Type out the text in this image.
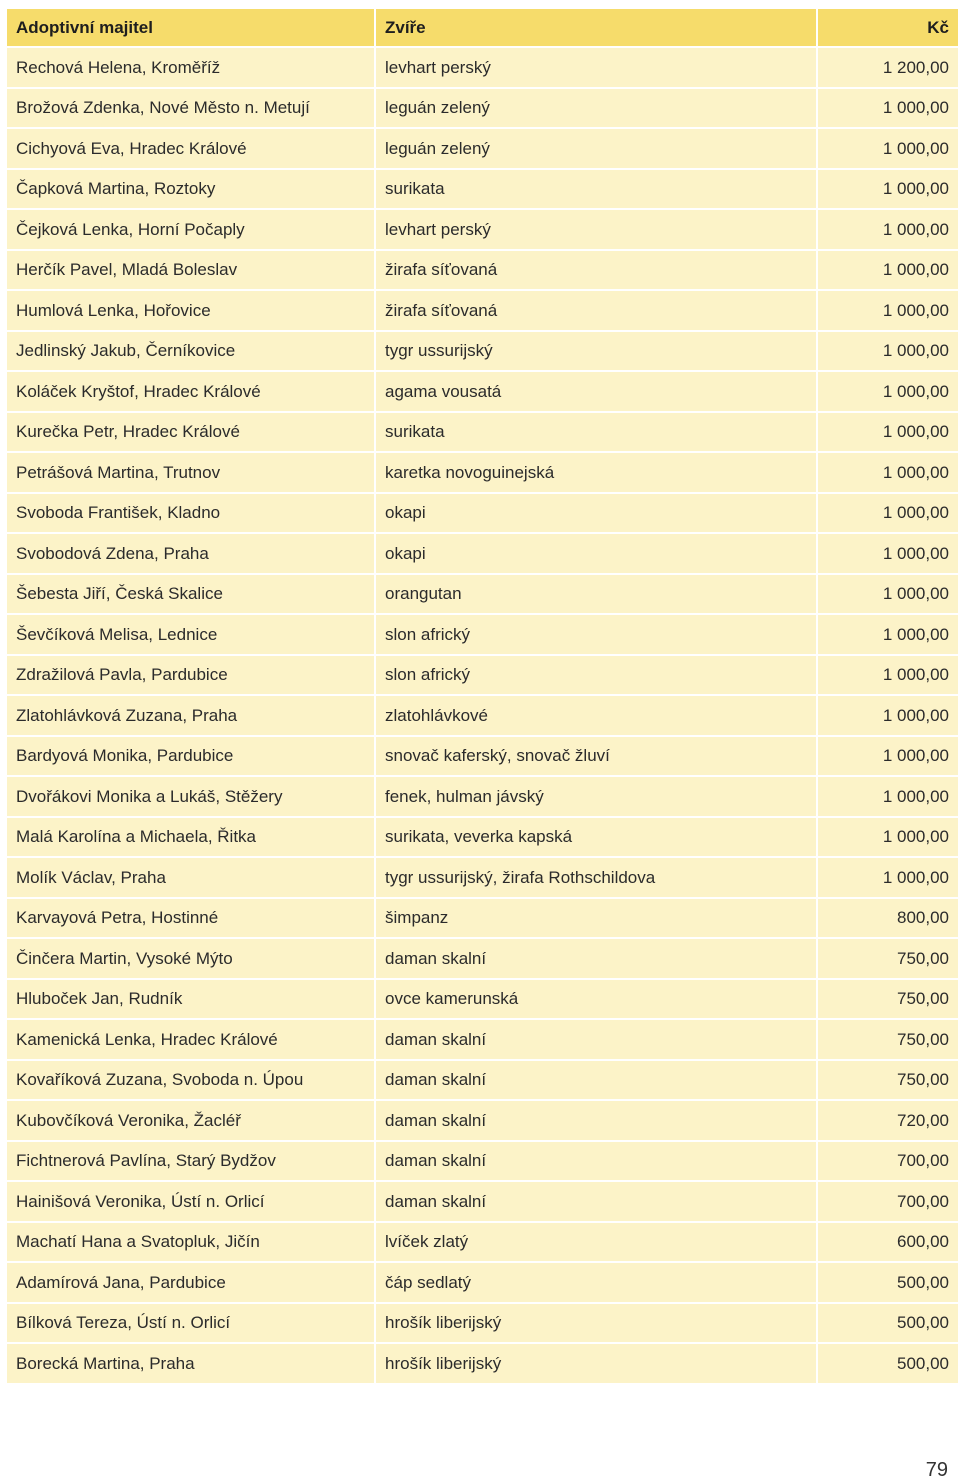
Adoptivní majitel	Zvíře	Kč
Rechová Helena, Kroměříž	levhart perský	1 200,00
Brožová Zdenka, Nové Město n. Metují	leguán zelený	1 000,00
Cichyová Eva, Hradec Králové	leguán zelený	1 000,00
Čapková Martina, Roztoky	surikata	1 000,00
Čejková Lenka, Horní Počaply	levhart perský	1 000,00
Herčík Pavel, Mladá Boleslav	žirafa síťovaná	1 000,00
Humlová Lenka, Hořovice	žirafa síťovaná	1 000,00
Jedlinský Jakub, Černíkovice	tygr ussurijský	1 000,00
Koláček Kryštof, Hradec Králové	agama vousatá	1 000,00
Kurečka Petr, Hradec Králové	surikata	1 000,00
Petrášová Martina, Trutnov	karetka novoguinejská	1 000,00
Svoboda František, Kladno	okapi	1 000,00
Svobodová Zdena, Praha	okapi	1 000,00
Šebesta Jiří, Česká Skalice	orangutan	1 000,00
Ševčíková Melisa, Lednice	slon africký	1 000,00
Zdražilová Pavla, Pardubice	slon africký	1 000,00
Zlatohlávková Zuzana, Praha	zlatohlávkové	1 000,00
Bardyová Monika, Pardubice	snovač kaferský, snovač žluví	1 000,00
Dvořákovi Monika a Lukáš, Stěžery	fenek, hulman jávský	1 000,00
Malá Karolína a Michaela, Řitka	surikata, veverka kapská	1 000,00
Molík Václav, Praha	tygr ussurijský, žirafa Rothschildova	1 000,00
Karvayová Petra, Hostinné	šimpanz	800,00
Činčera Martin, Vysoké Mýto	daman skalní	750,00
Hluboček Jan, Rudník	ovce kamerunská	750,00
Kamenická Lenka, Hradec Králové	daman skalní	750,00
Kovaříková Zuzana, Svoboda n. Úpou	daman skalní	750,00
Kubovčíková Veronika, Žacléř	daman skalní	720,00
Fichtnerová Pavlína, Starý Bydžov	daman skalní	700,00
Hainišová Veronika, Ústí n. Orlicí	daman skalní	700,00
Machatí Hana a Svatopluk, Jičín	lvíček zlatý	600,00
Adamírová Jana, Pardubice	čáp sedlatý	500,00
Bílková Tereza, Ústí n. Orlicí	hrošík liberijský	500,00
Borecká Martina, Praha	hrošík liberijský	500,00
79
